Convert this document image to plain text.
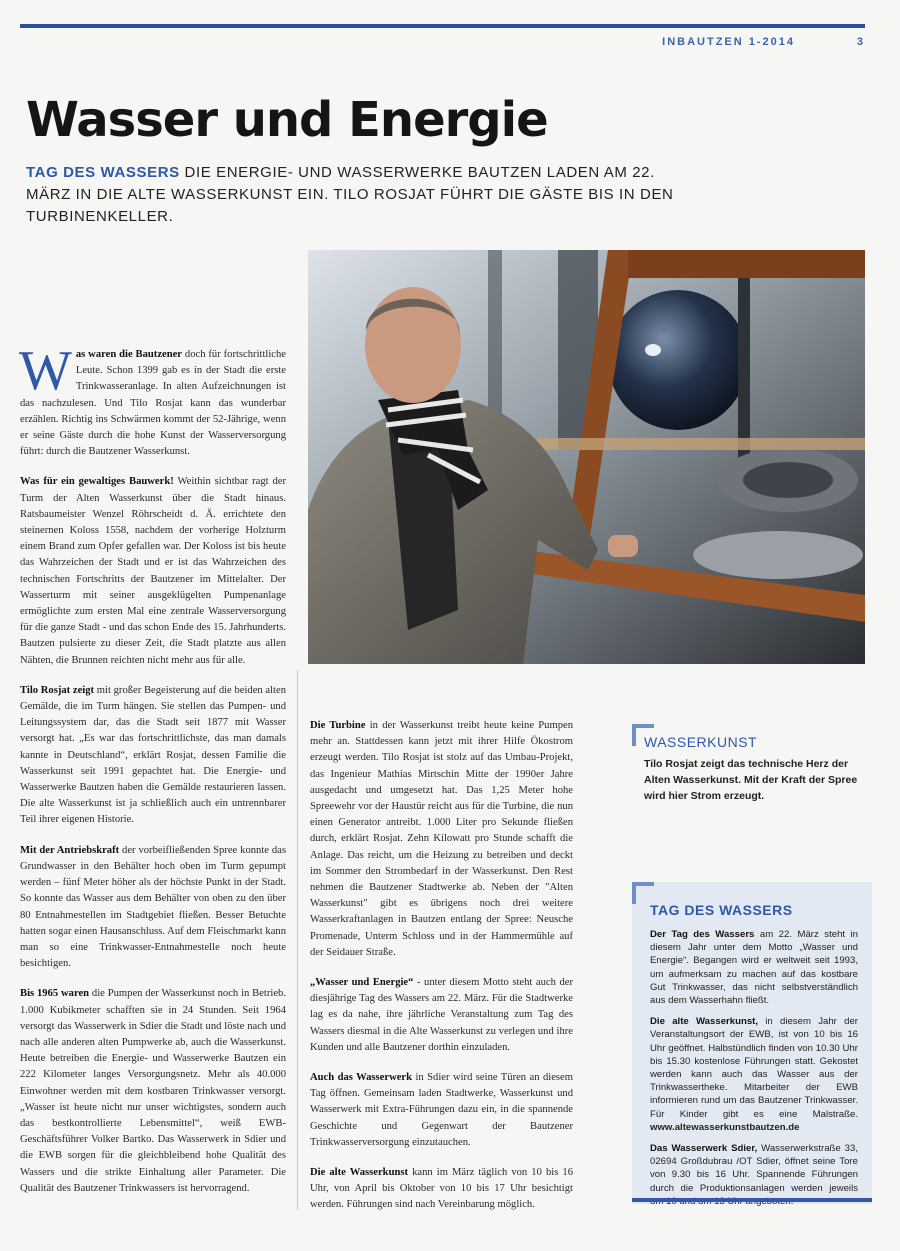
INBAUTZEN 1-2014	3
Wasser und Energie
TAG DES WASSERS DIE ENERGIE- UND WASSERWERKE BAUTZEN LADEN AM 22. MÄRZ IN DIE ALTE WASSERKUNST EIN. TILO ROSJAT FÜHRT DIE GÄSTE BIS IN DEN TURBINENKELLER.

Was waren die Bautzener doch für fortschrittliche Leute. Schon 1399 gab es in der Stadt die erste Trinkwasseranlage. In alten Aufzeichnungen ist das nachzulesen. Und Tilo Rosjat kann das wunderbar erzählen. Richtig ins Schwärmen kommt der 52-Jährige, wenn er seine Gäste durch die hohe Kunst der Wasserversorgung führt: durch die Bautzener Wasserkunst.

Was für ein gewaltiges Bauwerk! Weithin sichtbar ragt der Turm der Alten Wasserkunst über die Stadt hinaus. Ratsbaumeister Wenzel Röhrscheidt d. Ä. errichtete den steinernen Koloss 1558, nachdem der vorherige Holzturm einem Brand zum Opfer gefallen war. Der Koloss ist bis heute das Wahrzeichen der Stadt und er ist das Wahrzeichen des technischen Fortschritts der Bautzener im Mittelalter. Der Wasserturm mit seiner ausgeklügelten Pumpenanlage ermöglichte zum ersten Mal eine zentrale Wasserversorgung für die ganze Stadt - und das schon Ende des 15. Jahrhunderts. Bautzen pulsierte zu dieser Zeit, die Stadt platzte aus allen Nähten, die Brunnen reichten nicht mehr aus für alle.

Tilo Rosjat zeigt mit großer Begeisterung auf die beiden alten Gemälde, die im Turm hängen. Sie stellen das Pumpen- und Leitungssystem dar, das die Stadt seit 1877 mit Wasser versorgt hat. „Es war das fortschrittlichste, das man damals kannte in Deutschland“, erklärt Rosjat, dessen Familie die Wasserkunst seit 1991 gepachtet hat. Die Energie- und Wasserwerke Bautzen haben die Gemälde restaurieren lassen. Die alte Wasserkunst ist ja schließlich auch ein untrennbarer Teil ihrer eigenen Historie.

Mit der Antriebskraft der vorbeifließenden Spree konnte das Grundwasser in den Behälter hoch oben im Turm gepumpt werden – fünf Meter höher als der höchste Punkt in der Stadt. So konnte das Wasser aus dem Behälter von oben zu den über 80 Entnahmestellen im Stadtgebiet fließen. Besser Betuchte hatten sogar einen Hausanschluss. Auf dem Fleischmarkt kann man so eine Trinkwasser-Entnahmestelle noch heute besichtigen.

Bis 1965 waren die Pumpen der Wasserkunst noch in Betrieb. 1.000 Kubikmeter schafften sie in 24 Stunden. Seit 1964 versorgt das Wasserwerk in Sdier die Stadt und löste nach und nach alle anderen alten Pumpwerke ab, auch die Wasserkunst. Heute betreiben die Energie- und Wasserwerke Bautzen ein 222 Kilometer langes Versorgungsnetz. Mehr als 40.000 Einwohner werden mit dem kostbaren Trinkwasser versorgt. „Wasser ist heute nicht nur unser wichtigstes, sondern auch das bestkontrollierte Lebensmittel“, weiß EWB-Geschäftsführer Volker Bartko. Das Wasserwerk in Sdier und die EWB sorgen für die gleichbleibend hohe Qualität des Wassers und die strikte Einhaltung aller Parameter. Die Qualität des Bautzener Trinkwassers ist hervorragend.

Die Turbine in der Wasserkunst treibt heute keine Pumpen mehr an. Stattdessen kann jetzt mit ihrer Hilfe Ökostrom erzeugt werden. Tilo Rosjat ist stolz auf das Umbau-Projekt, das Ingenieur Mathias Mirtschin Mitte der 1990er Jahre ausgedacht und umgesetzt hat. Das 1,25 Meter hohe Spreewehr vor der Haustür reicht aus für die Turbine, die nun einen Generator antreibt. 1.000 Liter pro Sekunde fließen durch, erklärt Rosjat. Zehn Kilowatt pro Stunde schafft die Anlage. Das reicht, um die Heizung zu betreiben und deckt im Sommer den Strombedarf in der Wasserkunst. Den Rest nehmen die Bautzener Stadtwerke ab. Neben der "Alten Wasserkunst" gibt es übrigens noch drei weitere Wasserkraftanlagen in Bautzen entlang der Spree: Neusche Promenade, Unterm Schloss und in der Hammermühle auf der Seidauer Straße.

„Wasser und Energie“ - unter diesem Motto steht auch der diesjährige Tag des Wassers am 22. März. Für die Stadtwerke lag es da nahe, ihre jährliche Veranstaltung zum Tag des Wassers diesmal in die Alte Wasserkunst zu verlegen und ihre Kunden und alle Bautzener dorthin einzuladen.

Auch das Wasserwerk in Sdier wird seine Türen an diesem Tag öffnen. Gemeinsam laden Stadtwerke, Wasserkunst und Wasserwerk mit Extra-Führungen dazu ein, in die spannende Geschichte und Gegenwart der Bautzener Trinkwasserversorgung einzutauchen.

Die alte Wasserkunst kann im März täglich von 10 bis 16 Uhr, von April bis Oktober von 10 bis 17 Uhr besichtigt werden. Führungen sind nach Vereinbarung möglich.

WASSERKUNST
Tilo Rosjat zeigt das technische Herz der Alten Wasserkunst. Mit der Kraft der Spree wird hier Strom erzeugt.
TAG DES WASSERS

Der Tag des Wassers am 22. März steht in diesem Jahr unter dem Motto „Wasser und Energie“. Begangen wird er weltweit seit 1993, um aufmerksam zu machen auf das kostbare Gut Trinkwasser, das nicht selbstverständlich aus dem Wasserhahn fließt.

Die alte Wasserkunst, in diesem Jahr der Veranstaltungsort der EWB, ist von 10 bis 16 Uhr geöffnet. Halbstündlich finden von 10.30 Uhr bis 15.30 kostenlose Führungen statt. Gekostet werden kann auch das Wasser aus der Trinkwassertheke. Mitarbeiter der EWB informieren rund um das Bautzener Trinkwasser. Für Kinder gibt es eine Malstraße. www.altewasserkunstbautzen.de

Das Wasserwerk Sdier, Wasserwerkstraße 33, 02694 Großdubrau /OT Sdier, öffnet seine Tore von 9.30 bis 16 Uhr. Spannende Führungen durch die Produktionsanlagen werden jeweils
